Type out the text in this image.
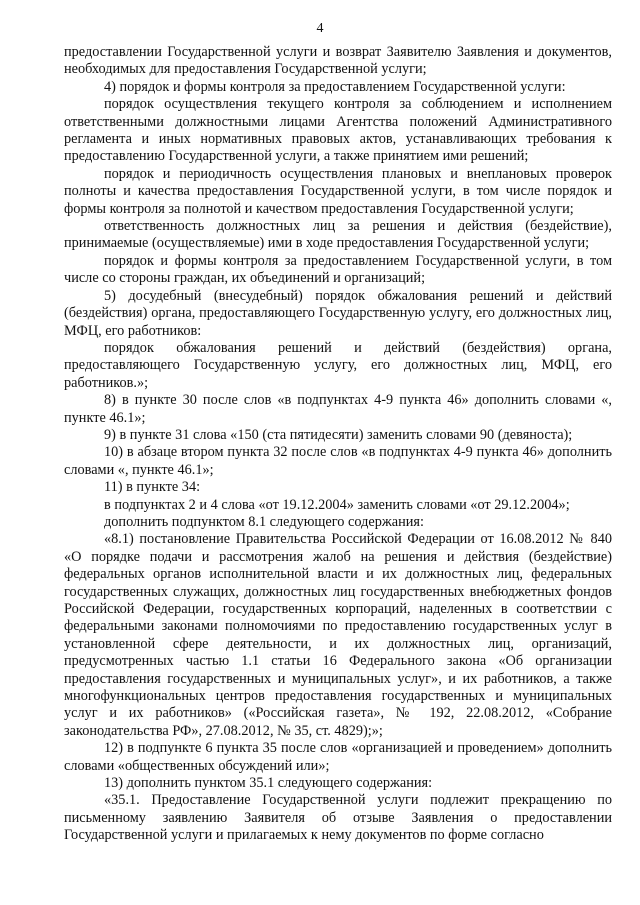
4

предоставлении Государственной услуги и возврат Заявителю Заявления и документов, необходимых для предоставления Государственной услуги;

4) порядок и формы контроля за предоставлением Государственной услуги:

порядок осуществления текущего контроля за соблюдением и исполнением ответственными должностными лицами Агентства положений Административного регламента и иных нормативных правовых актов, устанавливающих требования к предоставлению Государственной услуги, а также принятием ими решений;

порядок и периодичность осуществления плановых и внеплановых проверок полноты и качества предоставления Государственной услуги, в том числе порядок и формы контроля за полнотой и качеством предоставления Государственной услуги;

ответственность должностных лиц за решения и действия (бездействие), принимаемые (осуществляемые) ими в ходе предоставления Государственной услуги;

порядок и формы контроля за предоставлением Государственной услуги, в том числе со стороны граждан, их объединений и организаций;

5) досудебный (внесудебный) порядок обжалования решений и действий (бездействия) органа, предоставляющего Государственную услугу, его должностных лиц, МФЦ, его работников:

порядок обжалования решений и действий (бездействия) органа, предоставляющего Государственную услугу, его должностных лиц, МФЦ, его работников.»;

8) в пункте 30 после слов «в подпунктах 4-9 пункта 46» дополнить словами «, пункте 46.1»;

9) в пункте 31 слова «150 (ста пятидесяти) заменить словами 90 (девяноста);

10) в абзаце втором пункта 32 после слов «в подпунктах 4-9 пункта 46» дополнить словами «, пункте 46.1»;

11) в пункте 34:

в подпунктах 2 и 4 слова «от 19.12.2004» заменить словами «от 29.12.2004»;

дополнить подпунктом 8.1 следующего содержания:

«8.1) постановление Правительства Российской Федерации от 16.08.2012 № 840 «О порядке подачи и рассмотрения жалоб на решения и действия (бездействие) федеральных органов исполнительной власти и их должностных лиц, федеральных государственных служащих, должностных лиц государственных внебюджетных фондов Российской Федерации, государственных корпораций, наделенных в соответствии с федеральными законами полномочиями по предоставлению государственных услуг в установленной сфере деятельности, и их должностных лиц, организаций, предусмотренных частью 1.1 статьи 16 Федерального закона «Об организации предоставления государственных и муниципальных услуг», и их работников, а также многофункциональных центров предоставления государственных и муниципальных услуг и их работников» («Российская газета», № 192, 22.08.2012, «Собрание законодательства РФ», 27.08.2012, № 35, ст. 4829);»;

12) в подпункте 6 пункта 35 после слов «организацией и проведением» дополнить словами «общественных обсуждений или»;

13) дополнить пунктом 35.1 следующего содержания:

«35.1. Предоставление Государственной услуги подлежит прекращению по письменному заявлению Заявителя об отзыве Заявления о предоставлении Государственной услуги и прилагаемых к нему документов по форме согласно
